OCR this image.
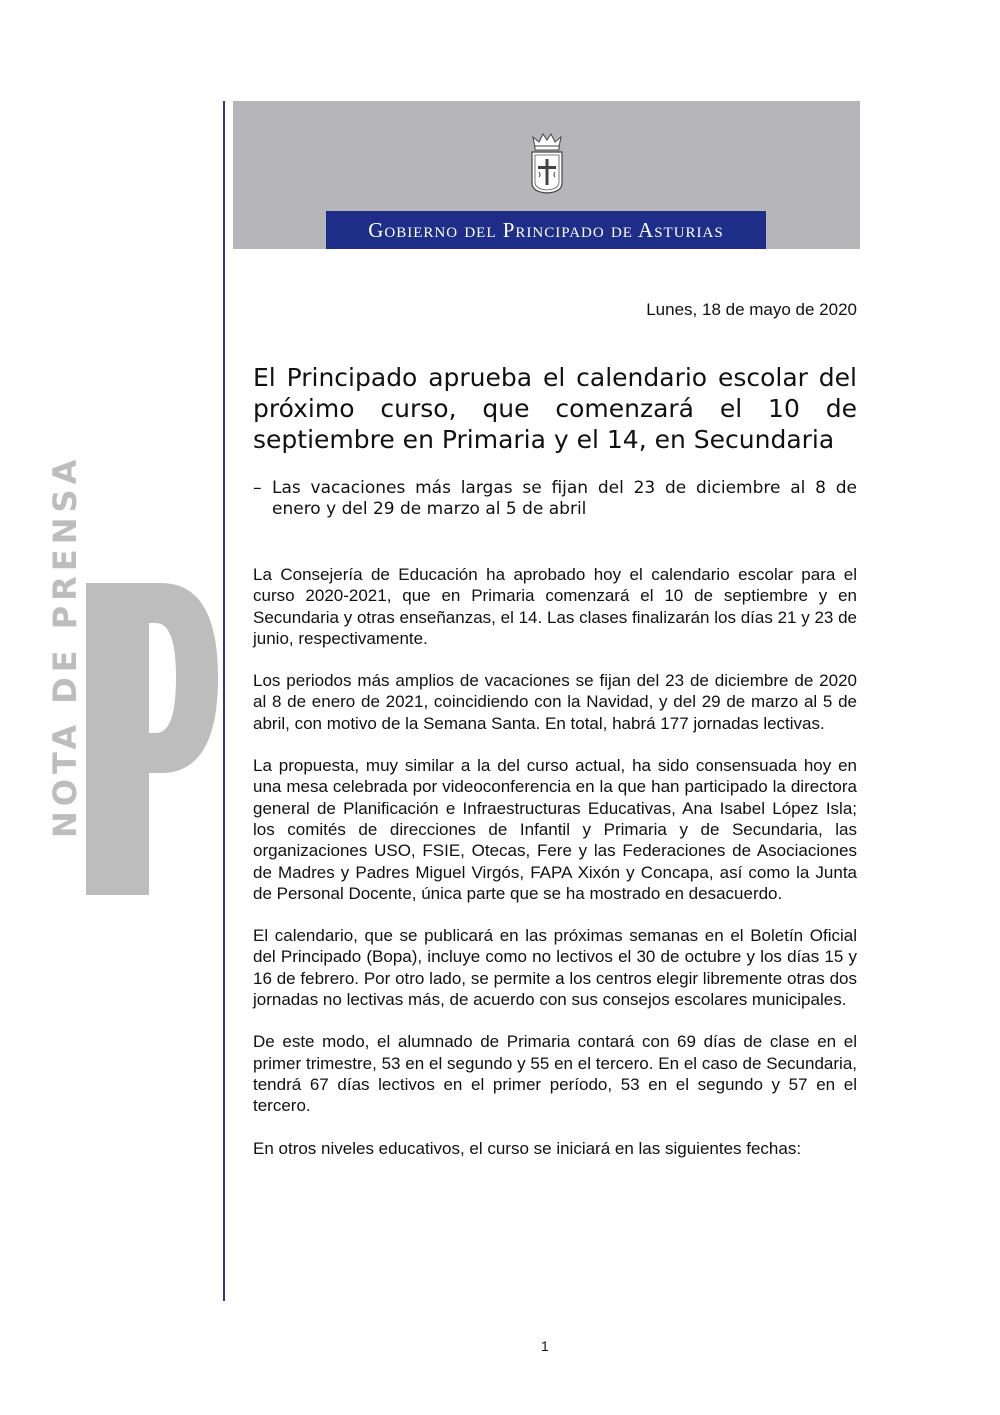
Gobierno del Principado de Asturias
NOTA DE PRENSA
Lunes, 18 de mayo de 2020
El Principado aprueba el calendario escolar del próximo curso, que comenzará el 10 de septiembre en Primaria y el 14, en Secundaria
– Las vacaciones más largas se fijan del 23 de diciembre al 8 de enero y del 29 de marzo al 5 de abril

La Consejería de Educación ha aprobado hoy el calendario escolar para el curso 2020-2021, que en Primaria comenzará el 10 de septiembre y en Secundaria y otras enseñanzas, el 14. Las clases finalizarán los días 21 y 23 de junio, respectivamente.

Los periodos más amplios de vacaciones se fijan del 23 de diciembre de 2020 al 8 de enero de 2021, coincidiendo con la Navidad, y del 29 de marzo al 5 de abril, con motivo de la Semana Santa. En total, habrá 177 jornadas lectivas.

La propuesta, muy similar a la del curso actual, ha sido consensuada hoy en una mesa celebrada por videoconferencia en la que han participado la directora general de Planificación e Infraestructuras Educativas, Ana Isabel López Isla; los comités de direcciones de Infantil y Primaria y de Secundaria, las organizaciones USO, FSIE, Otecas, Fere y las Federaciones de Asociaciones de Madres y Padres Miguel Virgós, FAPA Xixón y Concapa, así como la Junta de Personal Docente, única parte que se ha mostrado en desacuerdo.

El calendario, que se publicará en las próximas semanas en el Boletín Oficial del Principado (Bopa), incluye como no lectivos el 30 de octubre y los días 15 y 16 de febrero. Por otro lado, se permite a los centros elegir libremente otras dos jornadas no lectivas más, de acuerdo con sus consejos escolares municipales.

De este modo, el alumnado de Primaria contará con 69 días de clase en el primer trimestre, 53 en el segundo y 55 en el tercero. En el caso de Secundaria, tendrá 67 días lectivos en el primer período, 53 en el segundo y 57 en el tercero.

En otros niveles educativos, el curso se iniciará en las siguientes fechas:

1
